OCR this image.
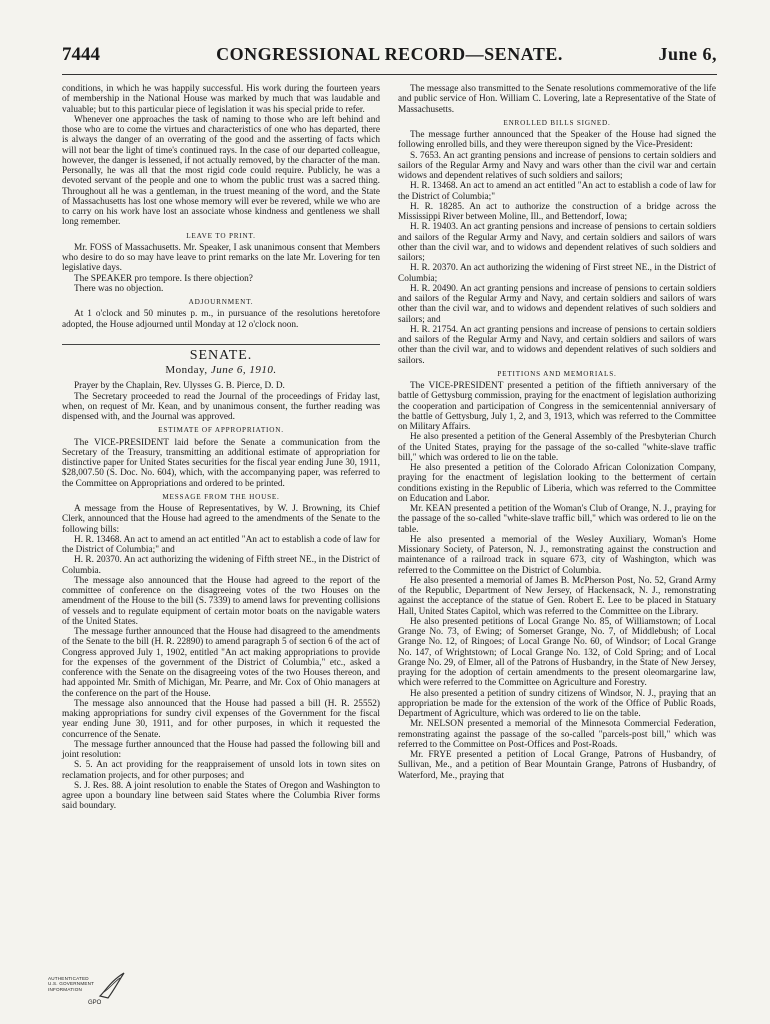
7444	CONGRESSIONAL RECORD—SENATE.	June 6,

conditions, in which he was happily successful. His work during the fourteen years of membership in the National House was marked by much that was laudable and valuable; but to this particular piece of legislation it was his special pride to refer.

Whenever one approaches the task of naming to those who are left behind and those who are to come the virtues and characteristics of one who has departed, there is always the danger of an overrating of the good and the asserting of facts which will not bear the light of time's continued rays. In the case of our departed colleague, however, the danger is lessened, if not actually removed, by the character of the man. Personally, he was all that the most rigid code could require. Publicly, he was a devoted servant of the people and one to whom the public trust was a sacred thing. Throughout all he was a gentleman, in the truest meaning of the word, and the State of Massachusetts has lost one whose memory will ever be revered, while we who are to carry on his work have lost an associate whose kindness and gentleness we shall long remember.

LEAVE TO PRINT.

Mr. FOSS of Massachusetts. Mr. Speaker, I ask unanimous consent that Members who desire to do so may have leave to print remarks on the late Mr. Lovering for ten legislative days.

The SPEAKER pro tempore. Is there objection?

There was no objection.

ADJOURNMENT.

At 1 o'clock and 50 minutes p. m., in pursuance of the resolutions heretofore adopted, the House adjourned until Monday at 12 o'clock noon.

SENATE.
Monday, June 6, 1910.

Prayer by the Chaplain, Rev. Ulysses G. B. Pierce, D. D.

The Secretary proceeded to read the Journal of the proceedings of Friday last, when, on request of Mr. Kean, and by unanimous consent, the further reading was dispensed with, and the Journal was approved.

ESTIMATE OF APPROPRIATION.

The VICE-PRESIDENT laid before the Senate a communication from the Secretary of the Treasury, transmitting an additional estimate of appropriation for distinctive paper for United States securities for the fiscal year ending June 30, 1911, $28,007.50 (S. Doc. No. 604), which, with the accompanying paper, was referred to the Committee on Appropriations and ordered to be printed.

MESSAGE FROM THE HOUSE.

A message from the House of Representatives, by W. J. Browning, its Chief Clerk, announced that the House had agreed to the amendments of the Senate to the following bills:

H. R. 13468. An act to amend an act entitled "An act to establish a code of law for the District of Columbia;" and

H. R. 20370. An act authorizing the widening of Fifth street NE., in the District of Columbia.

The message also announced that the House had agreed to the report of the committee of conference on the disagreeing votes of the two Houses on the amendment of the House to the bill (S. 7339) to amend laws for preventing collisions of vessels and to regulate equipment of certain motor boats on the navigable waters of the United States.

The message further announced that the House had disagreed to the amendments of the Senate to the bill (H. R. 22890) to amend paragraph 5 of section 6 of the act of Congress approved July 1, 1902, entitled "An act making appropriations to provide for the expenses of the government of the District of Columbia," etc., asked a conference with the Senate on the disagreeing votes of the two Houses thereon, and had appointed Mr. Smith of Michigan, Mr. Pearre, and Mr. Cox of Ohio managers at the conference on the part of the House.

The message also announced that the House had passed a bill (H. R. 25552) making appropriations for sundry civil expenses of the Government for the fiscal year ending June 30, 1911, and for other purposes, in which it requested the concurrence of the Senate.

The message further announced that the House had passed the following bill and joint resolution:

S. 5. An act providing for the reappraisement of unsold lots in town sites on reclamation projects, and for other purposes; and

S. J. Res. 88. A joint resolution to enable the States of Oregon and Washington to agree upon a boundary line between said States where the Columbia River forms said boundary.

The message also transmitted to the Senate resolutions commemorative of the life and public service of Hon. William C. Lovering, late a Representative of the State of Massachusetts.

ENROLLED BILLS SIGNED.

The message further announced that the Speaker of the House had signed the following enrolled bills, and they were thereupon signed by the Vice-President:

S. 7653. An act granting pensions and increase of pensions to certain soldiers and sailors of the Regular Army and Navy and wars other than the civil war and certain widows and dependent relatives of such soldiers and sailors;

H. R. 13468. An act to amend an act entitled "An act to establish a code of law for the District of Columbia;"

H. R. 18285. An act to authorize the construction of a bridge across the Mississippi River between Moline, Ill., and Bettendorf, Iowa;

H. R. 19403. An act granting pensions and increase of pensions to certain soldiers and sailors of the Regular Army and Navy, and certain soldiers and sailors of wars other than the civil war, and to widows and dependent relatives of such soldiers and sailors;

H. R. 20370. An act authorizing the widening of First street NE., in the District of Columbia;

H. R. 20490. An act granting pensions and increase of pensions to certain soldiers and sailors of the Regular Army and Navy, and certain soldiers and sailors of wars other than the civil war, and to widows and dependent relatives of such soldiers and sailors; and

H. R. 21754. An act granting pensions and increase of pensions to certain soldiers and sailors of the Regular Army and Navy, and certain soldiers and sailors of wars other than the civil war, and to widows and dependent relatives of such soldiers and sailors.

PETITIONS AND MEMORIALS.

The VICE-PRESIDENT presented a petition of the fiftieth anniversary of the battle of Gettysburg commission, praying for the enactment of legislation authorizing the cooperation and participation of Congress in the semicentennial anniversary of the battle of Gettysburg, July 1, 2, and 3, 1913, which was referred to the Committee on Military Affairs.

He also presented a petition of the General Assembly of the Presbyterian Church of the United States, praying for the passage of the so-called "white-slave traffic bill," which was ordered to lie on the table.

He also presented a petition of the Colorado African Colonization Company, praying for the enactment of legislation looking to the betterment of certain conditions existing in the Republic of Liberia, which was referred to the Committee on Education and Labor.

Mr. KEAN presented a petition of the Woman's Club of Orange, N. J., praying for the passage of the so-called "white-slave traffic bill," which was ordered to lie on the table.

He also presented a memorial of the Wesley Auxiliary, Woman's Home Missionary Society, of Paterson, N. J., remonstrating against the construction and maintenance of a railroad track in square 673, city of Washington, which was referred to the Committee on the District of Columbia.

He also presented a memorial of James B. McPherson Post, No. 52, Grand Army of the Republic, Department of New Jersey, of Hackensack, N. J., remonstrating against the acceptance of the statue of Gen. Robert E. Lee to be placed in Statuary Hall, United States Capitol, which was referred to the Committee on the Library.

He also presented petitions of Local Grange No. 85, of Williamstown; of Local Grange No. 73, of Ewing; of Somerset Grange, No. 7, of Middlebush; of Local Grange No. 12, of Ringoes; of Local Grange No. 60, of Windsor; of Local Grange No. 147, of Wrightstown; of Local Grange No. 132, of Cold Spring; and of Local Grange No. 29, of Elmer, all of the Patrons of Husbandry, in the State of New Jersey, praying for the adoption of certain amendments to the present oleomargarine law, which were referred to the Committee on Agriculture and Forestry.

He also presented a petition of sundry citizens of Windsor, N. J., praying that an appropriation be made for the extension of the work of the Office of Public Roads, Department of Agriculture, which was ordered to lie on the table.

Mr. NELSON presented a memorial of the Minnesota Commercial Federation, remonstrating against the passage of the so-called "parcels-post bill," which was referred to the Committee on Post-Offices and Post-Roads.

Mr. FRYE presented a petition of Local Grange, Patrons of Husbandry, of Sullivan, Me., and a petition of Bear Mountain Grange, Patrons of Husbandry, of Waterford, Me., praying that

AUTHENTICATED
U.S. GOVERNMENT
INFORMATION
GPO
